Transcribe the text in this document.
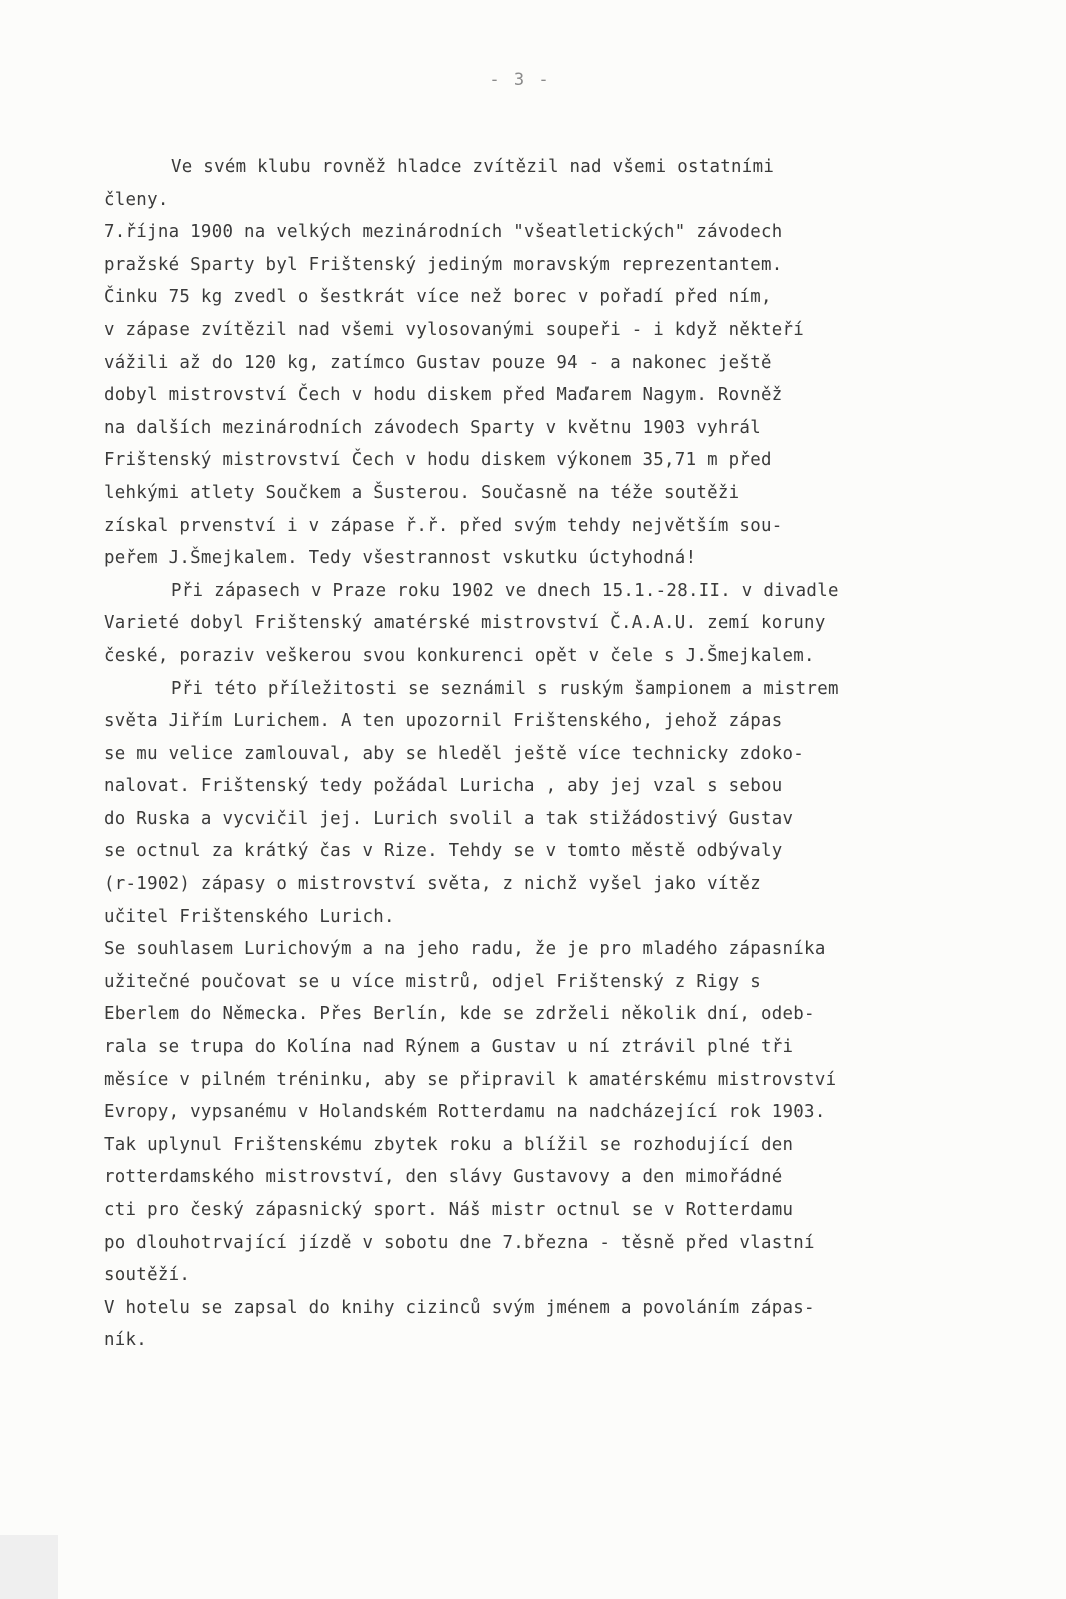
- 3 -
Ve svém klubu rovněž hladce zvítězil nad všemi ostatními
členy.
7.října 1900 na velkých mezinárodních "všeatletických" závodech
pražské Sparty byl Frištenský jediným moravským reprezentantem.
Činku 75 kg zvedl o šestkrát více než borec v pořadí před ním,
v zápase zvítězil nad všemi vylosovanými soupeři - i když někteří
vážili až do 120 kg, zatímco Gustav pouze 94 - a nakonec ještě
dobyl mistrovství Čech v hodu diskem před Maďarem Nagym. Rovněž
na dalších mezinárodních závodech Sparty v květnu 1903 vyhrál
Frištenský mistrovství Čech v hodu diskem výkonem 35,71 m před
lehkými atlety Součkem a Šusterou. Současně na téže soutěži
získal prvenství i v zápase ř.ř. před svým tehdy největším sou-
peřem J.Šmejkalem. Tedy všestrannost vskutku úctyhodná!
Při zápasech v Praze roku 1902 ve dnech 15.1.-28.II. v divadle
Varieté dobyl Frištenský amatérské mistrovství Č.A.A.U. zemí koruny
české, poraziv veškerou svou konkurenci opět v čele s J.Šmejkalem.
Při této příležitosti se seznámil s ruským šampionem a mistrem
světa Jiřím Lurichem. A ten upozornil Frištenského, jehož zápas
se mu velice zamlouval, aby se hleděl ještě více technicky zdoko-
nalovat. Frištenský tedy požádal Luricha , aby jej vzal s sebou
do Ruska a vycvičil jej. Lurich svolil a tak stižádostivý Gustav
se octnul za krátký čas v Rize. Tehdy se v tomto městě odbývaly
(r-1902) zápasy o mistrovství světa, z nichž vyšel jako vítěz
učitel Frištenského Lurich.
Se souhlasem Lurichovým a na jeho radu, že je pro mladého zápasníka
užitečné poučovat se u více mistrů, odjel Frištenský z Rigy s
Eberlem do Německa. Přes Berlín, kde se zdrželi několik dní, odeb-
rala se trupa do Kolína nad Rýnem a Gustav u ní ztrávil plné tři
měsíce v pilném tréninku, aby se připravil k amatérskému mistrovství
Evropy, vypsanému v Holandském Rotterdamu na nadcházející rok 1903.
Tak uplynul Frištenskému zbytek roku a blížil se rozhodující den
rotterdamského mistrovství, den slávy Gustavovy a den mimořádné
cti pro český zápasnický sport. Náš mistr octnul se v Rotterdamu
po dlouhotrvající jízdě v sobotu dne 7.března - těsně před vlastní
soutěží.
V hotelu se zapsal do knihy cizinců svým jménem a povoláním zápas-
ník.
